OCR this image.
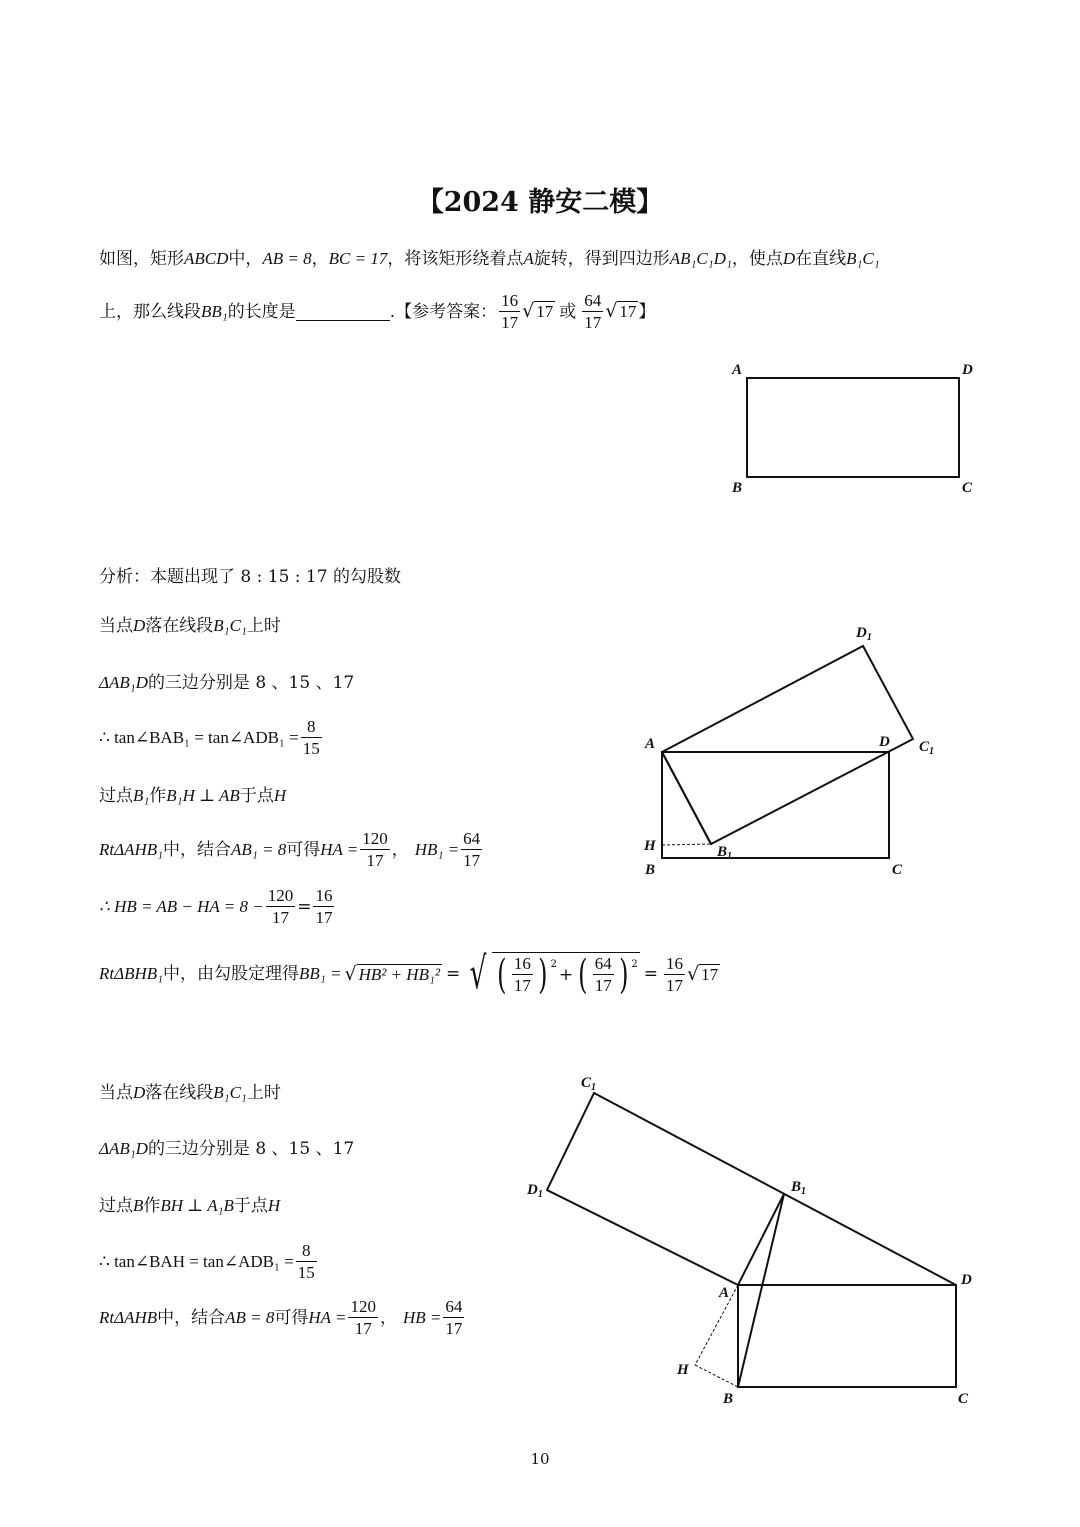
【2024 静安二模】
如图，矩形ABCD中，AB = 8，BC = 17，将该矩形绕着点A旋转，得到四边形AB₁C₁D₁，使点D在直线B₁C₁
上，那么线段 BB₁ 的长度是	. 【参考答案： $\frac{16}{17}$ √ 17 或 $\frac{64}{17}$ √ 17 】
A	D
B	C
分析：本题出现了 8 : 15 : 17 的勾股数
当点D落在线段B₁C₁上时
ΔAB₁D的三边分别是 8 、15 、17
∴ tan∠BAB₁ = tan∠ADB₁ = $\frac{8}{15}$
过点B₁作B₁H ⊥ AB于点H
RtΔAHB₁ 中，结合 AB₁ = 8 可得 HA = $\frac{120}{17}$ ， $HB_1 = \frac{64}{17}$
∴ HB = AB − HA = $8 - \frac{120}{17} = \frac{16}{17}$
RtΔBHB₁ 中，由勾股定理得 BB₁ = √ HB² + HB₁² = √ ( $\frac{16}{17}$ ) $^2$ + ( $\frac{64}{17}$ ) $^2 = \frac{16}{17}$ √ 17
A	D
H
B	C
$D_1$
$C_1$
$B_1$
当点D落在线段B₁C₁上时
ΔAB₁D的三边分别是 8 、15 、17
过点B作BH ⊥ A₁B于点H
∴ tan∠BAH = tan∠ADB₁ = $\frac{8}{15}$
RtΔAHB 中，结合 AB = 8 可得 HA = $\frac{120}{17}$ ， HB = $\frac{64}{17}$
A
D
H
B	C
$C_1$
$D_1$	$B_1$
10
